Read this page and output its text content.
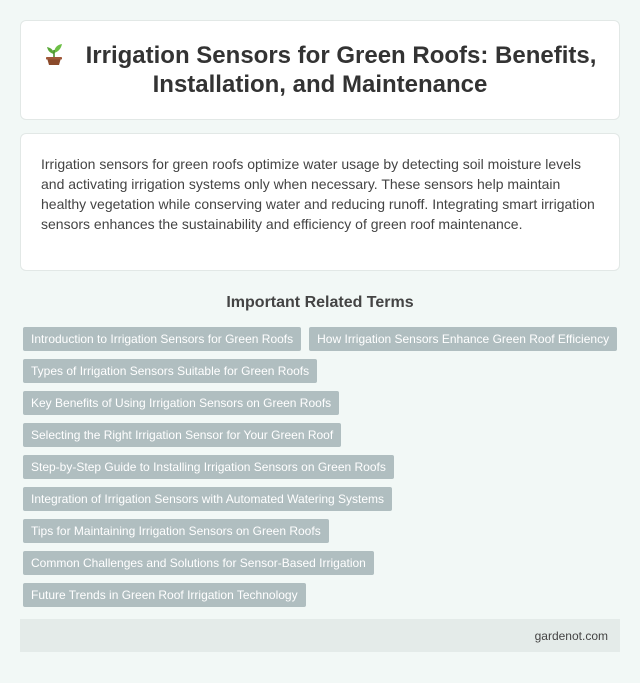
Irrigation Sensors for Green Roofs: Benefits, Installation, and Maintenance

Irrigation sensors for green roofs optimize water usage by detecting soil moisture levels and activating irrigation systems only when necessary. These sensors help maintain healthy vegetation while conserving water and reducing runoff. Integrating smart irrigation sensors enhances the sustainability and efficiency of green roof maintenance.

Important Related Terms
Introduction to Irrigation Sensors for Green Roofs	How Irrigation Sensors Enhance Green Roof Efficiency
Types of Irrigation Sensors Suitable for Green Roofs
Key Benefits of Using Irrigation Sensors on Green Roofs
Selecting the Right Irrigation Sensor for Your Green Roof
Step-by-Step Guide to Installing Irrigation Sensors on Green Roofs
Integration of Irrigation Sensors with Automated Watering Systems
Tips for Maintaining Irrigation Sensors on Green Roofs
Common Challenges and Solutions for Sensor-Based Irrigation
Future Trends in Green Roof Irrigation Technology
gardenot.com
